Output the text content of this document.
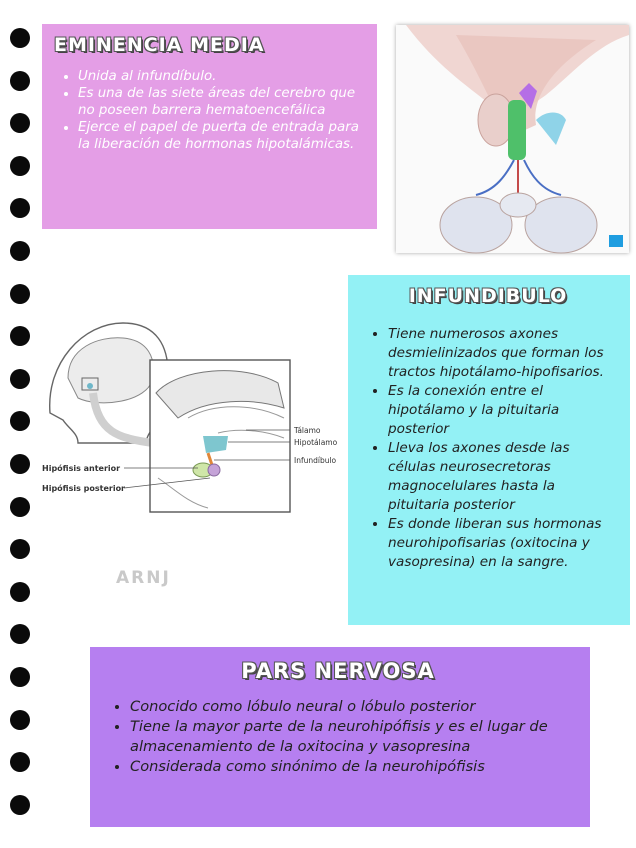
EMINENCIA MEDIA
• Unida al infundíbulo.
• Es una de las siete áreas del cerebro que no poseen barrera hematoencefálica
• Ejerce el papel de puerta de entrada para la liberación de hormonas hipotalámicas.
Tálamo
Hipotálamo
Infundíbulo
Hipófisis anterior
Hipófisis posterior
ARNJ
INFUNDIBULO
• Tiene numerosos axones desmielinizados que forman los tractos hipotálamo-hipofisarios.
• Es la conexión entre el hipotálamo y la pituitaria posterior
• Lleva los axones desde las células neurosecretoras magnocelulares hasta la pituitaria posterior
• Es donde liberan sus hormonas neurohipofisarias (oxitocina y vasopresina) en la sangre.
PARS NERVOSA
• Conocido como lóbulo neural o lóbulo posterior
• Tiene la mayor parte de la neurohipófisis y es el lugar de almacenamiento de la oxitocina y vasopresina
• Considerada como sinónimo de la neurohipófisis
